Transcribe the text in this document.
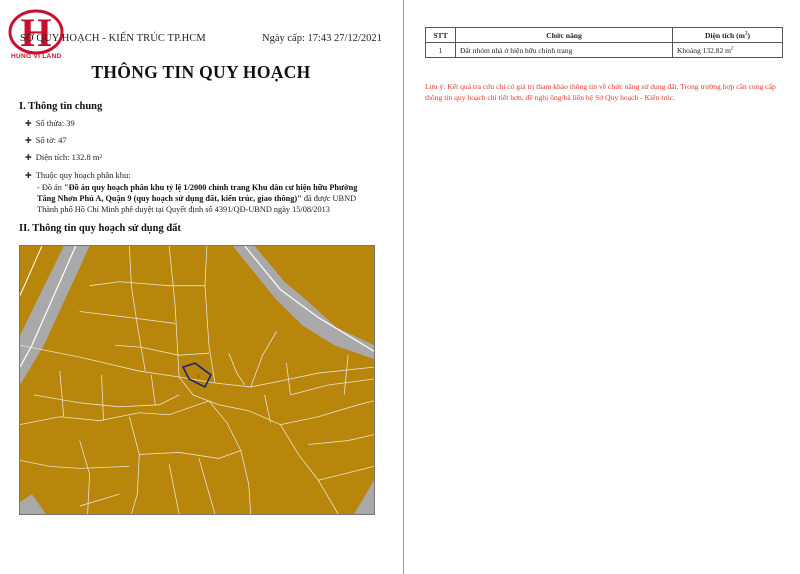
H
HUNG VI LAND
SỞ QUY HOẠCH - KIẾN TRÚC TP.HCM	Ngày cấp: 17:43 27/12/2021
THÔNG TIN QUY HOẠCH
I. Thông tin chung
✚ Số thửa: 39
✚ Số tờ: 47
✚ Diện tích: 132.8 m 2
✚ Thuộc quy hoạch phân khu:
- Đồ án "Đồ án quy hoạch phân khu tỷ lệ 1/2000 chỉnh trang Khu dân cư hiện hữu Phường Tăng Nhơn Phú A, Quận 9 (quy hoạch sử dụng đất, kiến trúc, giao thông)" đã được UBND Thành phố Hồ Chí Minh phê duyệt tại Quyết định số 4391/QĐ-UBND ngày 15/08/2013
II. Thông tin quy hoạch sử dụng đất
1
STT	Chức năng	Diện tích $(m^2)$
1	Đất nhóm nhà ở hiện hữu chỉnh trang	Khoảng 132.82 $m^2$
Lưu ý: Kết quả tra cứu chỉ có giá trị tham khảo thông tin về chức năng sử dụng đất. Trong trường hợp cần cung cấp thông tin quy hoạch chi tiết hơn, đề nghị ông/bà liên hệ Sở Quy hoạch - Kiến trúc.
